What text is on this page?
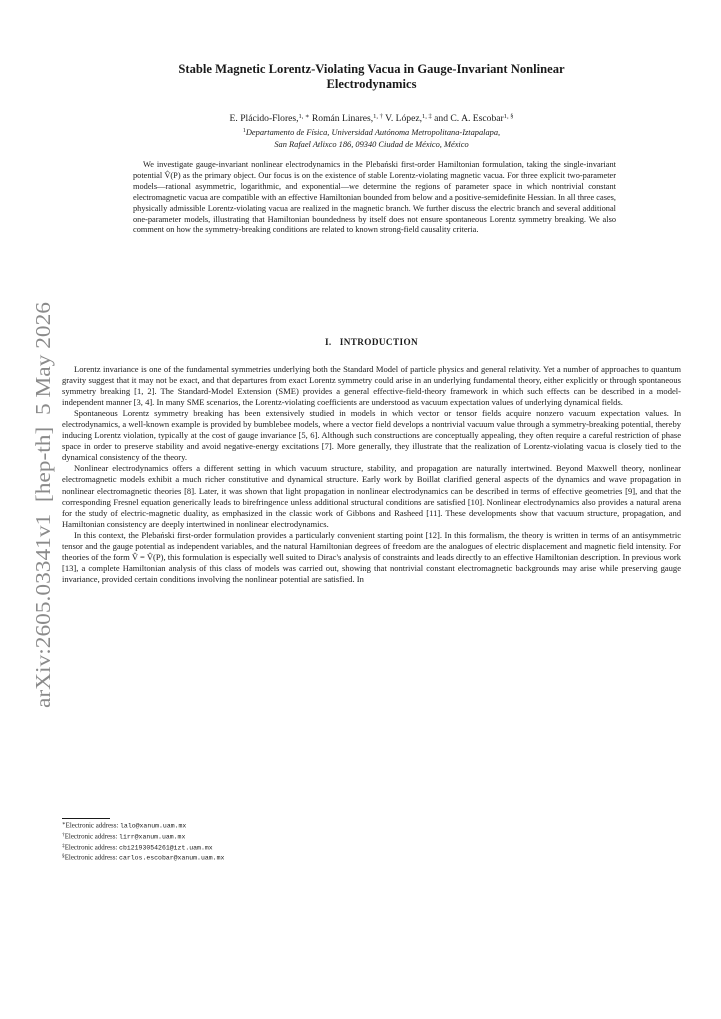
arXiv:2605.03341v1  [hep-th]  5 May 2026
Stable Magnetic Lorentz-Violating Vacua in Gauge-Invariant Nonlinear
Electrodynamics
E. Plácido-Flores,$^{1, ∗}$ Román Linares,$^{1, \dagger}$ V. López,$^{1, \ddagger}$ and C. A. Escobar$^{1, \S}$
$^1$Departamento de Física, Universidad Autónoma Metropolitana-Iztapalapa,
San Rafael Atlixco 186, 09340 Ciudad de México, México

We investigate gauge-invariant nonlinear electrodynamics in the Plebański first-order Hamiltonian formulation, taking the single-invariant potential V̂(P) as the primary object. Our focus is on the existence of stable Lorentz-violating magnetic vacua. For three explicit two-parameter models—rational asymmetric, logarithmic, and exponential—we determine the regions of parameter space in which nontrivial constant electromagnetic vacua are compatible with an effective Hamiltonian bounded from below and a positive-semidefinite Hessian. In all three cases, physically admissible Lorentz-violating vacua are realized in the magnetic branch. We further discuss the electric branch and several additional one-parameter models, illustrating that Hamiltonian boundedness by itself does not ensure spontaneous Lorentz symmetry breaking. We also comment on how the symmetry-breaking conditions are related to known strong-field causality criteria.

I. INTRODUCTION

Lorentz invariance is one of the fundamental symmetries underlying both the Standard Model of particle physics and general relativity. Yet a number of approaches to quantum gravity suggest that it may not be exact, and that departures from exact Lorentz symmetry could arise in an underlying fundamental theory, either explicitly or through spontaneous symmetry breaking [1, 2]. The Standard-Model Extension (SME) provides a general effective-field-theory framework in which such effects can be described in a model-independent manner [3, 4]. In many SME scenarios, the Lorentz-violating coefficients are understood as vacuum expectation values of underlying dynamical fields.

Spontaneous Lorentz symmetry breaking has been extensively studied in models in which vector or tensor fields acquire nonzero vacuum expectation values. In electrodynamics, a well-known example is provided by bumblebee models, where a vector field develops a nontrivial vacuum value through a symmetry-breaking potential, thereby inducing Lorentz violation, typically at the cost of gauge invariance [5, 6]. Although such constructions are conceptually appealing, they often require a careful restriction of phase space in order to preserve stability and avoid negative-energy excitations [7]. More generally, they illustrate that the realization of Lorentz-violating vacua is closely tied to the dynamical consistency of the theory.

Nonlinear electrodynamics offers a different setting in which vacuum structure, stability, and propagation are naturally intertwined. Beyond Maxwell theory, nonlinear electromagnetic models exhibit a much richer constitutive and dynamical structure. Early work by Boillat clarified general aspects of the dynamics and wave propagation in nonlinear electromagnetic theories [8]. Later, it was shown that light propagation in nonlinear electrodynamics can be described in terms of effective geometries [9], and that the corresponding Fresnel equation generically leads to birefringence unless additional structural conditions are satisfied [10]. Nonlinear electrodynamics also provides a natural arena for the study of electric-magnetic duality, as emphasized in the classic work of Gibbons and Rasheed [11]. These developments show that vacuum structure, propagation, and Hamiltonian consistency are deeply intertwined in nonlinear electrodynamics.

In this context, the Plebański first-order formulation provides a particularly convenient starting point [12]. In this formalism, the theory is written in terms of an antisymmetric tensor and the gauge potential as independent variables, and the natural Hamiltonian degrees of freedom are the analogues of electric displacement and magnetic field intensity. For theories of the form V̂ = V̂(P), this formulation is especially well suited to Dirac's analysis of constraints and leads directly to an effective Hamiltonian description. In previous work [13], a complete Hamiltonian analysis of this class of models was carried out, showing that nontrivial constant electromagnetic backgrounds may arise while preserving gauge invariance, provided certain conditions involving the nonlinear potential are satisfied. In

∗Electronic address: lalo@xanum.uam.mx
†Electronic address: lirr@xanum.uam.mx
‡Electronic address: cbi2193054261@izt.uam.mx
§Electronic address: carlos.escobar@xanum.uam.mx
